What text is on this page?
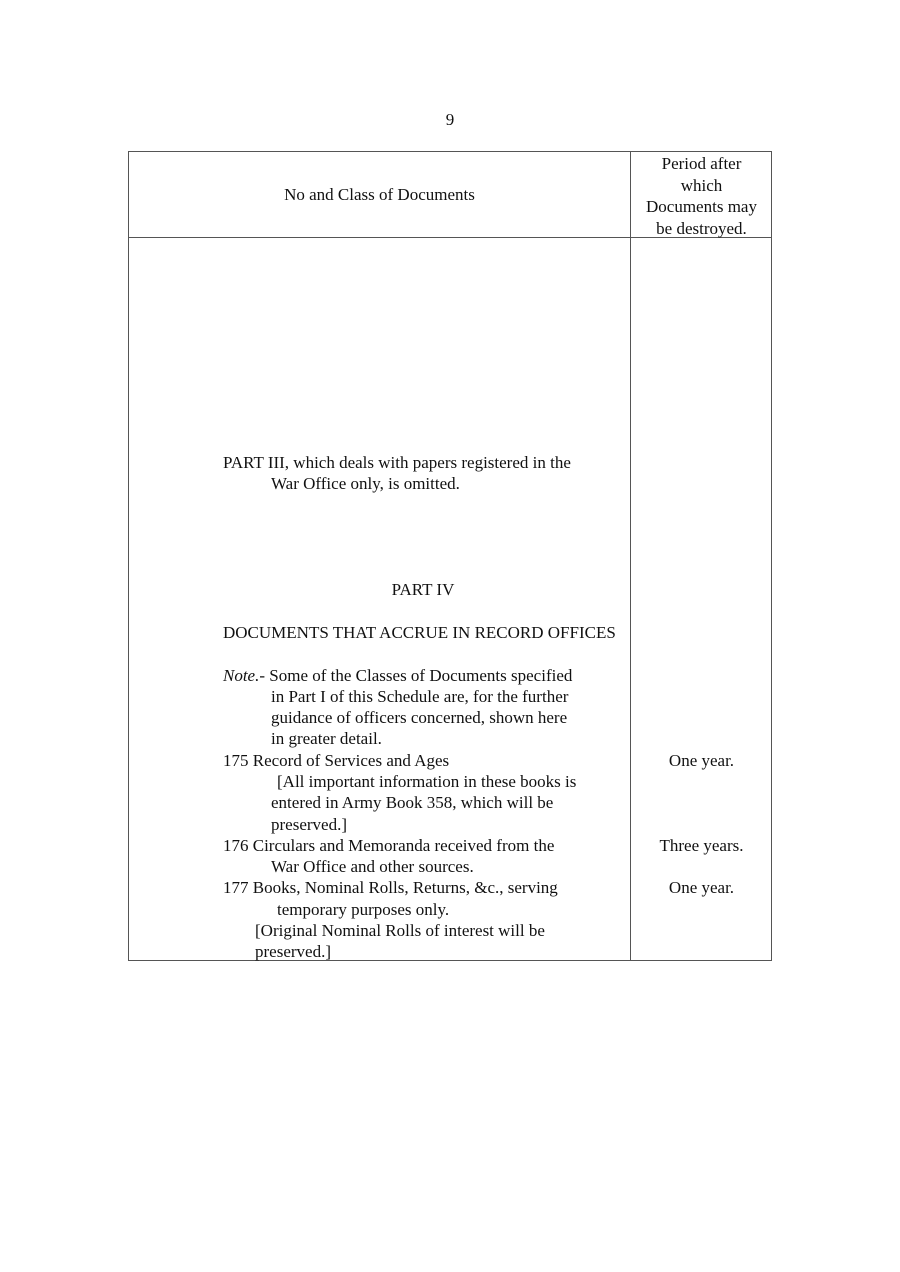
9
No and Class of Documents
Period after
which
Documents may
be destroyed.
PART III, which deals with papers registered in the
War Office only, is omitted.
PART IV
DOCUMENTS THAT ACCRUE IN RECORD OFFICES
Note.- Some of the Classes of Documents specified
in Part I of this Schedule are, for the further
guidance of officers concerned, shown here
in greater detail.
175 Record of Services and Ages
[All important information in these books is
entered in Army Book 358, which will be
preserved.]
One year.
176 Circulars and Memoranda received from the
War Office and other sources.
Three years.
177 Books, Nominal Rolls, Returns, &c., serving
temporary purposes only.
[Original Nominal Rolls of interest will be
preserved.]
One year.
